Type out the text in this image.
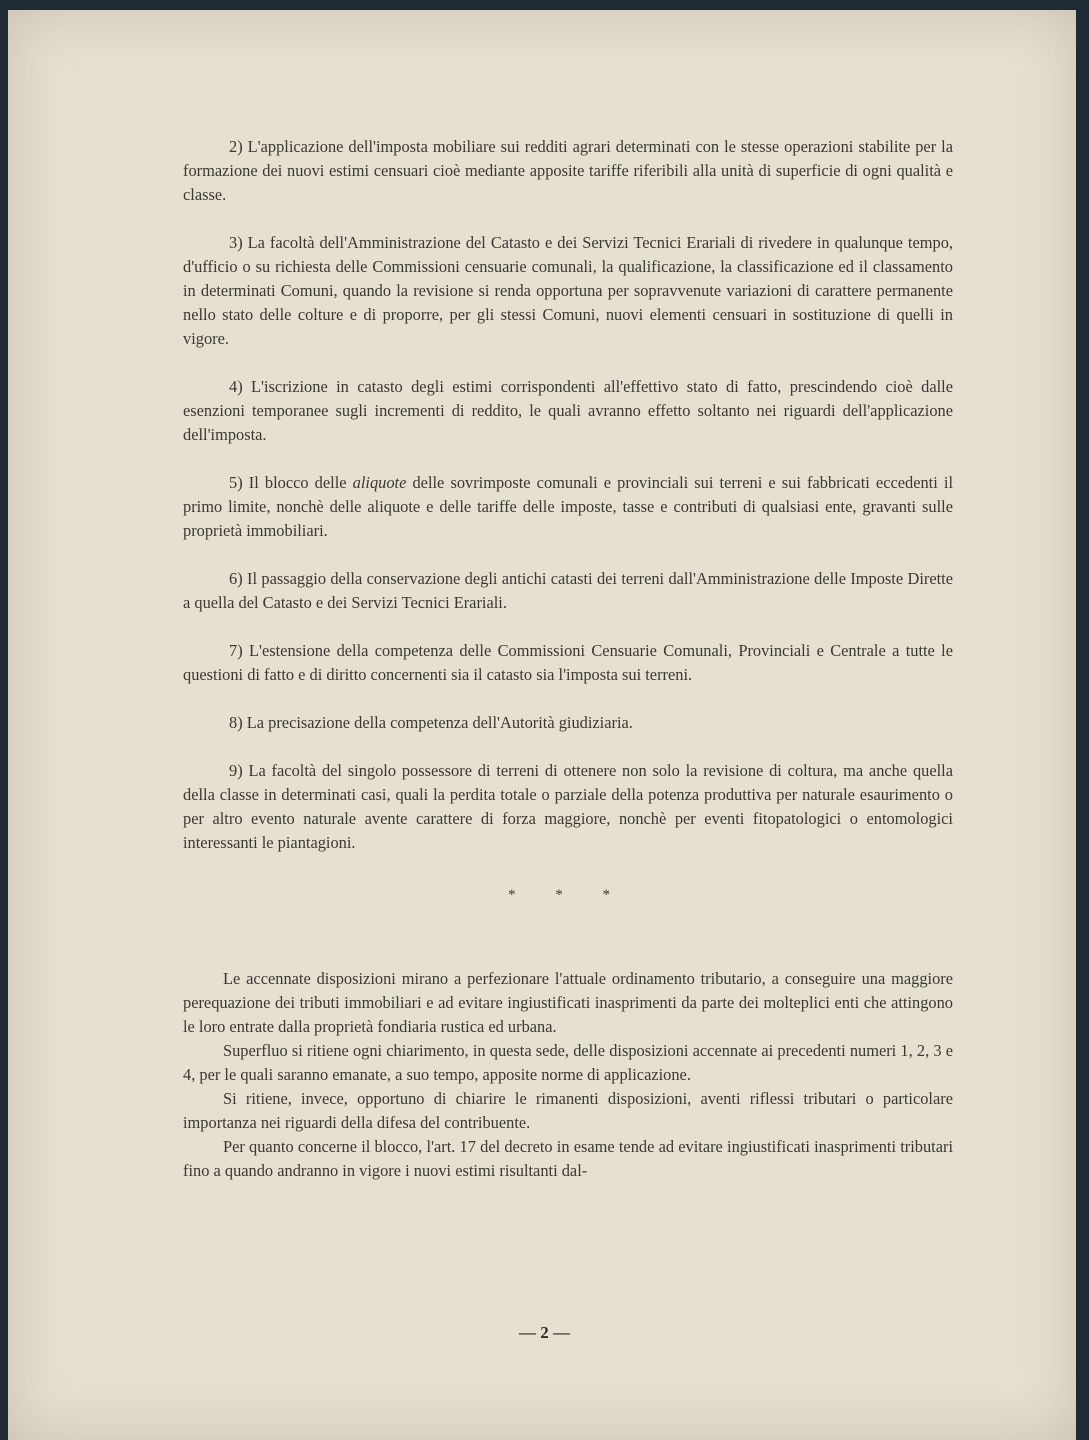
2) L'applicazione dell'imposta mobiliare sui redditi agrari determinati con le stesse operazioni stabilite per la formazione dei nuovi estimi censuari cioè mediante apposite tariffe riferibili alla unità di superficie di ogni qualità e classe.

3) La facoltà dell'Amministrazione del Catasto e dei Servizi Tecnici Erariali di rivedere in qualunque tempo, d'ufficio o su richiesta delle Commissioni censuarie comunali, la qualificazione, la classificazione ed il classamento in determinati Comuni, quando la revisione si renda opportuna per sopravvenute variazioni di carattere permanente nello stato delle colture e di proporre, per gli stessi Comuni, nuovi elementi censuari in sostituzione di quelli in vigore.

4) L'iscrizione in catasto degli estimi corrispondenti all'effettivo stato di fatto, prescindendo cioè dalle esenzioni temporanee sugli incrementi di reddito, le quali avranno effetto soltanto nei riguardi dell'applicazione dell'imposta.

5) Il blocco delle aliquote delle sovrimposte comunali e provinciali sui terreni e sui fabbricati eccedenti il primo limite, nonchè delle aliquote e delle tariffe delle imposte, tasse e contributi di qualsiasi ente, gravanti sulle proprietà immobiliari.

6) Il passaggio della conservazione degli antichi catasti dei terreni dall'Amministrazione delle Imposte Dirette a quella del Catasto e dei Servizi Tecnici Erariali.

7) L'estensione della competenza delle Commissioni Censuarie Comunali, Provinciali e Centrale a tutte le questioni di fatto e di diritto concernenti sia il catasto sia l'imposta sui terreni.

8) La precisazione della competenza dell'Autorità giudiziaria.

9) La facoltà del singolo possessore di terreni di ottenere non solo la revisione di coltura, ma anche quella della classe in determinati casi, quali la perdita totale o parziale della potenza produttiva per naturale esaurimento o per altro evento naturale avente carattere di forza maggiore, nonchè per eventi fitopatologici o entomologici interessanti le piantagioni.

* * *

Le accennate disposizioni mirano a perfezionare l'attuale ordinamento tributario, a conseguire una maggiore perequazione dei tributi immobiliari e ad evitare ingiustificati inasprimenti da parte dei molteplici enti che attingono le loro entrate dalla proprietà fondiaria rustica ed urbana.

Superfluo si ritiene ogni chiarimento, in questa sede, delle disposizioni accennate ai precedenti numeri 1, 2, 3 e 4, per le quali saranno emanate, a suo tempo, apposite norme di applicazione.

Si ritiene, invece, opportuno di chiarire le rimanenti disposizioni, aventi riflessi tributari o particolare importanza nei riguardi della difesa del contribuente.

Per quanto concerne il blocco, l'art. 17 del decreto in esame tende ad evitare ingiustificati inasprimenti tributari fino a quando andranno in vigore i nuovi estimi risultanti dal-

— 2 —
